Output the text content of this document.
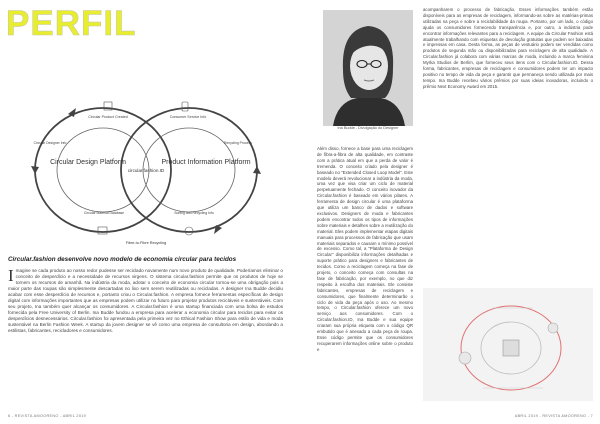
PERFIL
Circular Design Platform	Product Information Platform
circular.fashion.ID
Circular Product Created	Consumer Service Info
Circular Designer Info
Circular Material Database	Sorting and Recycling Info
Recycling Process
Fibre-to-Fibre Recycling
Circular.fashion desenvolve novo modelo de economia circular para tecidos
I magine se cada produto ao nosso redor pudesse ser reciclado novamente num novo produto de qualidade. Poderíamos eliminar o conceito de desperdício e a necessidade de recursos virgens. O sistema circular.fashion permite que os produtos de hoje se tornem os recursos de amanhã. Na indústria da moda, adotar o conceito de economia circular tornou-se uma obrigação pois a maior parte das roupas são simplesmente descartadas no lixo sem serem reutilizadas ou recicladas. A designer Ina Budde decidiu acabar com esse desperdício de recursos e, portanto criou o Circular.fashion. A empresa fornece ferramentas específicas de design digital com informações importantes que as empresas podem utilizar no futuro para projetar produtos recicláveis e sustentáveis. Com seu projeto, Ina também quer alcançar os consumidores. A Circular.fashion é uma startup financiada com uma bolsa de estudos fornecida pela Free University of Berlin. Ina Budde fundou a empresa para acelerar a economia circular para tecidos para evitar os desperdícios desnecessários. Circular.fashion foi apresentada pela primeira vez no Ethical Fashion Show para estilo de vida e moda sustentável na Berlin Fashion Week. A startup da jovem designer se vê como uma empresa de consultoria em design, abordando a estilistas, fabricantes, recicladores e consumidores.
Ina Budde - Divulgação do Designer
Além disso, fornece a base para uma reciclagem de fibra-a-fibra de alta qualidade, em contraste com a prática atual em que a perda de valor é tremenda. O conceito criado pela designer é baseado no "Extended Closed Loop Model". Este modelo deverá revolucionar a indústria da moda, uma vez que visa criar um ciclo de material perpetuamente fechado. O conceito inovador da Circular.fashion é baseado em vários pilares. A ferramenta de design circular é uma plataforma que utiliza um banco de dados e software exclusivos. Designers de moda e fabricantes podem encontrar todos os tipos de informações sobre materiais e detalhes sobre a reutilização do material. Eles podem implementar etapas digitais manuais para processos de fabricação que usam materiais separados e causam o mínimo possível de excesso. Como tal, a "Plataforma de Design Circular" disponibiliza informações detalhadas e suporte prático para designers e fabricantes de tecidos. Como a reciclagem começa na fase de projeto, o conceito começa com consultas na fase de fabricação, por exemplo, no que diz respeito à escolha dos materiais. Ele consiste fabricantes, empresas de reciclagem e consumidores, que finalmente determinarão o ciclo de vida da peça após o uso. Ao mesmo tempo, o Circular.fashion oferece um novo serviço aos consumidores. Com o Circular.fashion.ID, Ina Budde e sua equipe criaram sua própria etiqueta com o código QR embutido que é anexado a cada peça de roupa. Esse código permite que os consumidores recuperarem informações online sobre o produto e
acompanharem o processo de fabricação. Esses informações também estão disponíveis para as empresas de reciclagem, informando-as sobre as matérias-primas utilizadas na peça e sobre a reciclabilidade da roupa. Portanto, por um lado, o código ajuda os consumidores fornecendo transparência e, por outro, a indústria pode encontrar informações relevantes para a reciclagem. A equipe da Circular Fashion está atualmente trabalhando com etiquetas de devolução gratuitas que podem ser baixadas e impressas em casa. Desta forma, as peças de vestuário podem ser vendidas como produtos de segunda mão ou disponibilizadas para reciclagem de alta qualidade. A Circular.fashion já colabora com várias marcas de moda, incluindo a marca feminina Myrka Studios de Berlim, que forneceu seus itens com o Circular.fashion.ID. Dessa forma, fabricantes, empresas de reciclagem e consumidores podem ter um impacto positivo no tempo de vida da peça e garantir que permaneça sendo utilizada por mais tempo. Ina Budde recebeu vários prêmios por suas ideias inovadoras, incluindo o prêmio Next Economy Award em 2015.
6 - REVISTA AMOORENO - ABRIL 2019	ABRIL 2019 - REVISTA AMOORENO - 7
